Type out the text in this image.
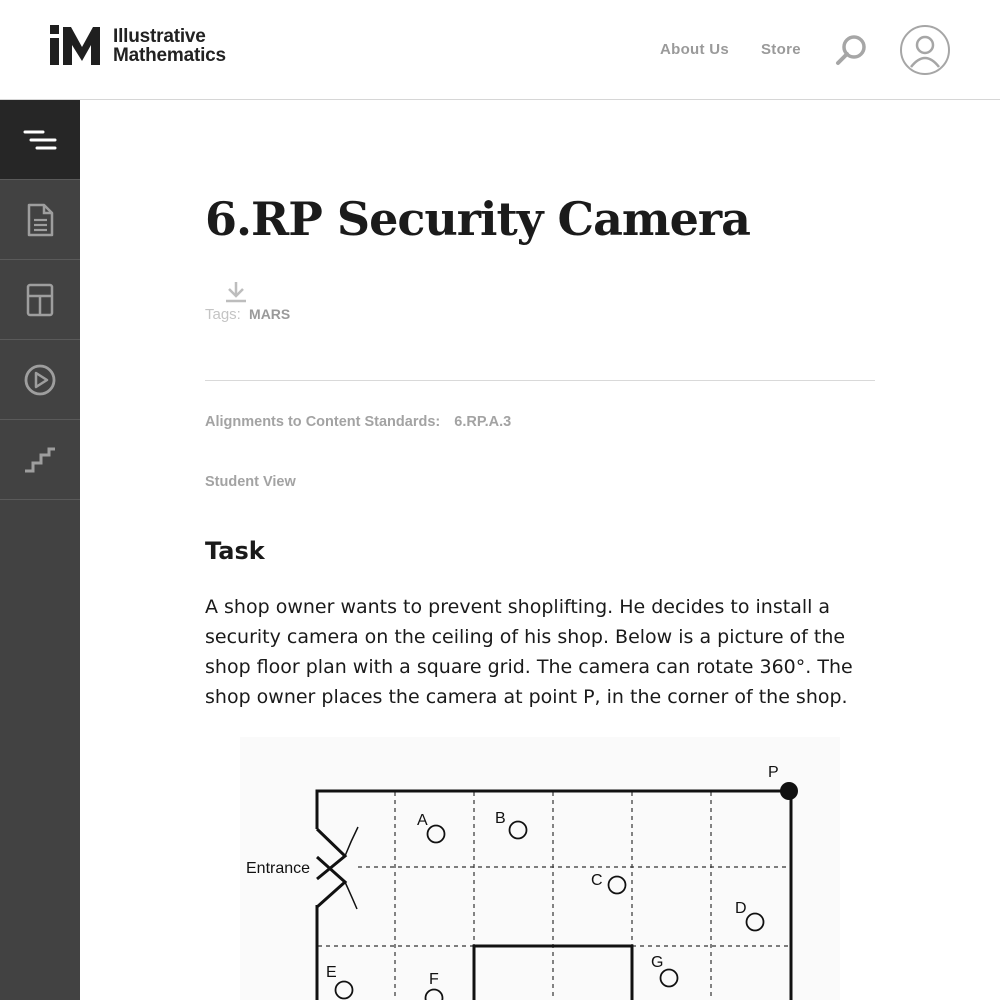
Illustrative
Mathematics	About Us Store
6.RP Security Camera
Tags: MARS
Alignments to Content Standards: 6.RP.A.3
Student View
Task

A shop owner wants to prevent shoplifting. He decides to install a security camera on the ceiling of his shop. Below is a picture of the shop floor plan with a square grid. The camera can rotate 360°. The shop owner places the camera at point P, in the corner of the shop.

P
Entrance
A	B
C
D
E	F
G
